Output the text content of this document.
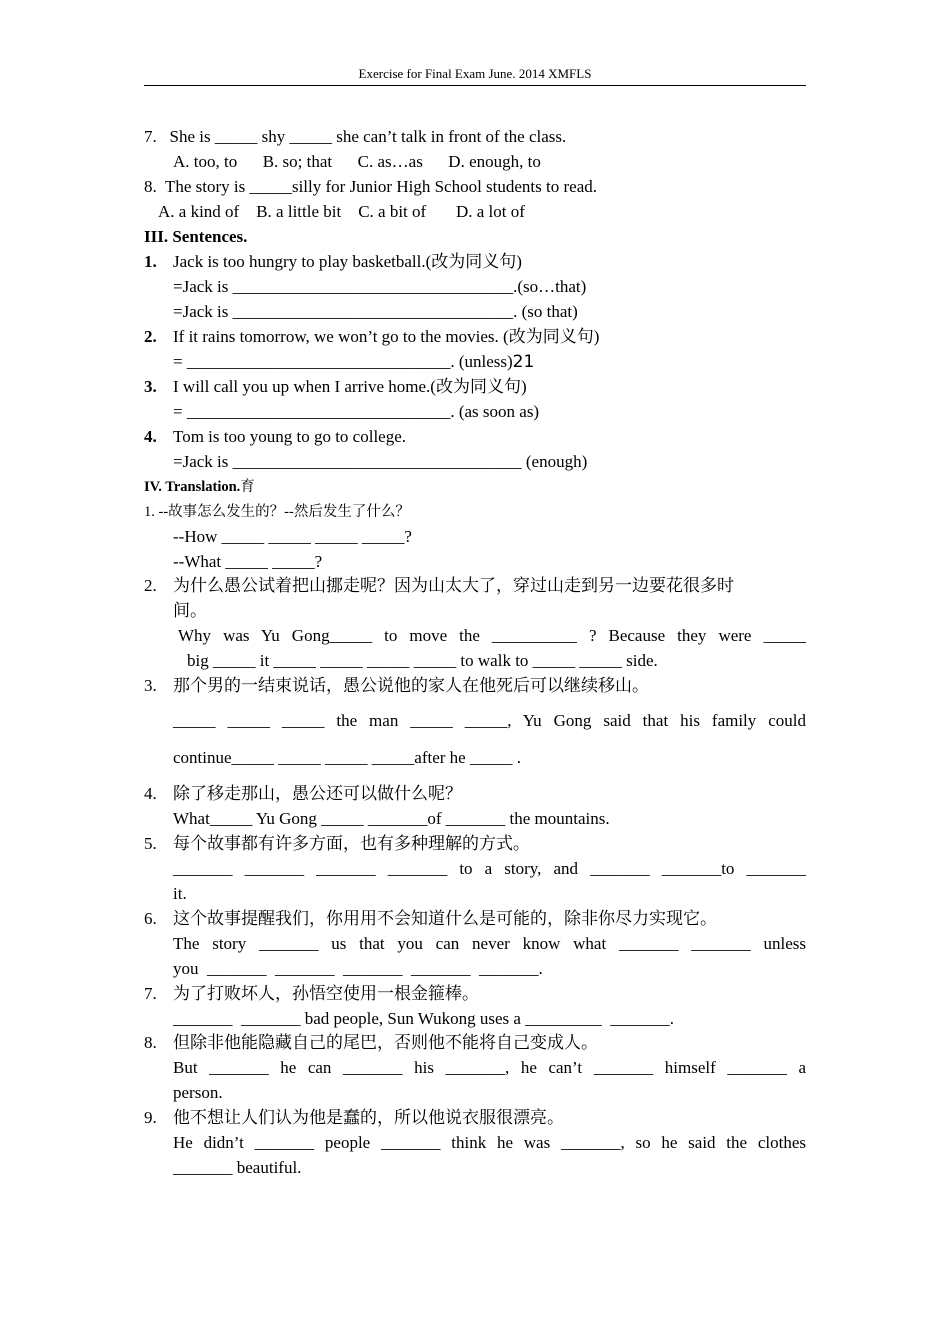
Exercise for Final Exam June. 2014 XMFLS
7.   She is _____ shy _____ she can’t talk in front of the class.
A. too, to      B. so; that      C. as…as      D. enough, to
8.  The story is _____silly for Junior High School students to read.
A. a kind of    B. a little bit    C. a bit of       D. a lot of
III. Sentences.
1. Jack is too hungry to play basketball.(改为同义句)
=Jack is _________________________________.(so…that)
=Jack is _________________________________. (so that)
2. If it rains tomorrow, we won’t go to the movies. (改为同义句)
= _______________________________. (unless)21
3. I will call you up when I arrive home.(改为同义句)
= _______________________________. (as soon as)
4. Tom is too young to go to college.
=Jack is __________________________________ (enough)
IV. Translation.育
1. --故事怎么发生的？--然后发生了什么？
--How _____ _____ _____ _____?
--What _____ _____?
2. 为什么愚公试着把山挪走呢？因为山太大了，穿过山走到另一边要花很多时
间。
Why was Yu Gong_____ to move the __________ ? Because they were _____
big _____ it _____ _____ _____ _____ to walk to _____ _____ side.
3. 那个男的一结束说话，愚公说他的家人在他死后可以继续移山。
_____ _____ _____ the man _____ _____, Yu Gong said that his family could
continue_____ _____ _____ _____after he _____ .
4. 除了移走那山，愚公还可以做什么呢？
What_____ Yu Gong _____ _______of _______ the mountains.
5. 每个故事都有许多方面，也有多种理解的方式。
_______ _______ _______ _______ to a story, and _______ _______to _______
it.
6. 这个故事提醒我们，你用用不会知道什么是可能的，除非你尽力实现它。
The story _______ us that you can never know what _______ _______ unless
you  _______  _______  _______  _______  _______.
7. 为了打败坏人，孙悟空使用一根金箍棒。
_______  _______ bad people, Sun Wukong uses a _________  _______.
8. 但除非他能隐藏自己的尾巴，否则他不能将自己变成人。
But _______ he can _______ his _______, he can’t _______ himself _______ a
person.
9. 他不想让人们认为他是蠢的，所以他说衣服很漂亮。
He didn’t _______ people _______ think he was _______, so he said the clothes
_______ beautiful.
